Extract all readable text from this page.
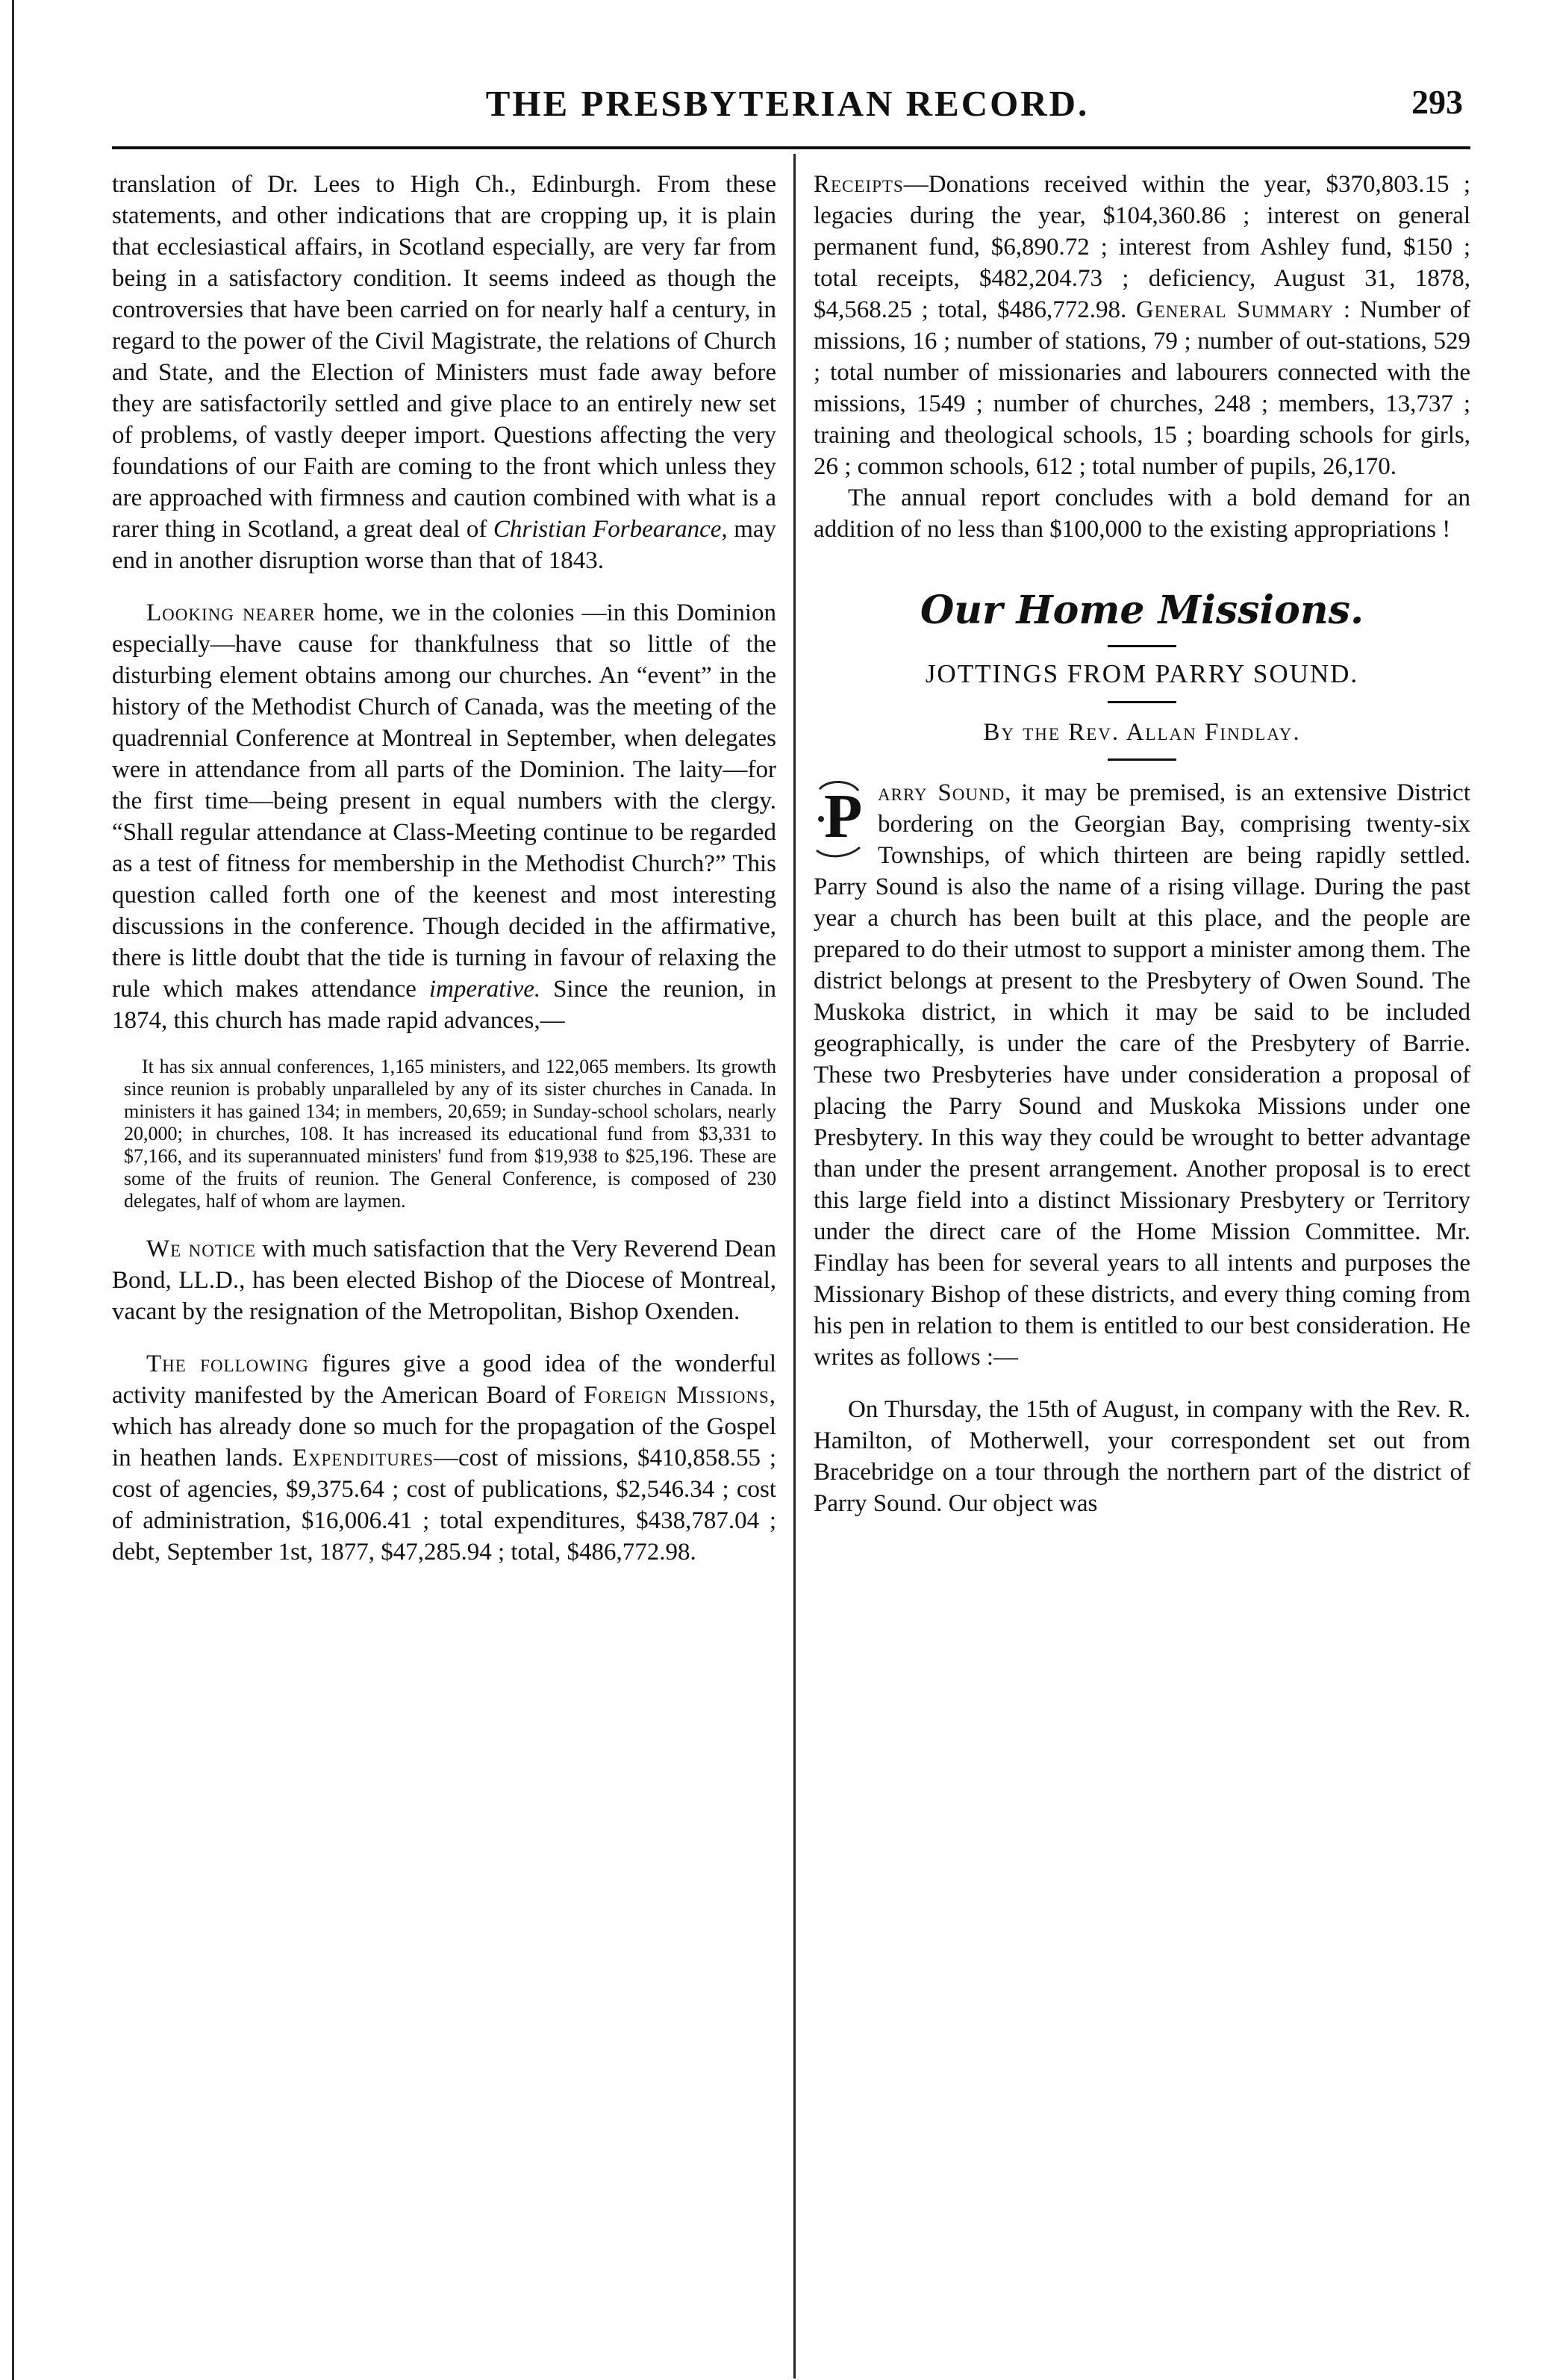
THE PRESBYTERIAN RECORD.	293

translation of Dr. Lees to High Ch., Edinburgh. From these statements, and other indications that are cropping up, it is plain that ecclesiastical affairs, in Scotland especially, are very far from being in a satisfactory condition. It seems indeed as though the controversies that have been carried on for nearly half a century, in regard to the power of the Civil Magistrate, the relations of Church and State, and the Election of Ministers must fade away before they are satisfactorily settled and give place to an entirely new set of problems, of vastly deeper import. Questions affecting the very foundations of our Faith are coming to the front which unless they are approached with firmness and caution combined with what is a rarer thing in Scotland, a great deal of Christian Forbearance, may end in another disruption worse than that of 1843.

Looking nearer home, we in the colonies —in this Dominion especially—have cause for thankfulness that so little of the disturbing element obtains among our churches. An “event” in the history of the Methodist Church of Canada, was the meeting of the quadrennial Conference at Montreal in September, when delegates were in attendance from all parts of the Dominion. The laity—for the first time—being present in equal numbers with the clergy. “Shall regular attendance at Class-Meeting continue to be regarded as a test of fitness for membership in the Methodist Church?” This question called forth one of the keenest and most interesting discussions in the conference. Though decided in the affirmative, there is little doubt that the tide is turning in favour of relaxing the rule which makes attendance imperative. Since the reunion, in 1874, this church has made rapid advances,—

It has six annual conferences, 1,165 ministers, and 122,065 members. Its growth since reunion is probably unparalleled by any of its sister churches in Canada. In ministers it has gained 134; in members, 20,659; in Sunday-school scholars, nearly 20,000; in churches, 108. It has increased its educational fund from $3,331 to $7,166, and its superannuated ministers' fund from $19,938 to $25,196. These are some of the fruits of reunion. The General Conference, is composed of 230 delegates, half of whom are laymen.

We notice with much satisfaction that the Very Reverend Dean Bond, LL.D., has been elected Bishop of the Diocese of Montreal, vacant by the resignation of the Metropolitan, Bishop Oxenden.

The following figures give a good idea of the wonderful activity manifested by the American Board of Foreign Missions, which has already done so much for the propagation of the Gospel in heathen lands. Expenditures—cost of missions, $410,858.55 ; cost of agencies, $9,375.64 ; cost of publications, $2,546.34 ; cost of administration, $16,006.41 ; total expenditures, $438,787.04 ; debt, September 1st, 1877, $47,285.94 ; total, $486,772.98.

Receipts—Donations received within the year, $370,803.15 ; legacies during the year, $104,360.86 ; interest on general permanent fund, $6,890.72 ; interest from Ashley fund, $150 ; total receipts, $482,204.73 ; deficiency, August 31, 1878, $4,568.25 ; total, $486,772.98. General Summary : Number of missions, 16 ; number of stations, 79 ; number of out-stations, 529 ; total number of missionaries and labourers connected with the missions, 1549 ; number of churches, 248 ; members, 13,737 ; training and theological schools, 15 ; boarding schools for girls, 26 ; common schools, 612 ; total number of pupils, 26,170.

The annual report concludes with a bold demand for an addition of no less than $100,000 to the existing appropriations !

Our Home Missions.
JOTTINGS FROM PARRY SOUND.
By the Rev. Allan Findlay.

P arry Sound, it may be premised, is an extensive District bordering on the Georgian Bay, comprising twenty-six Townships, of which thirteen are being rapidly settled. Parry Sound is also the name of a rising village. During the past year a church has been built at this place, and the people are prepared to do their utmost to support a minister among them. The district belongs at present to the Presbytery of Owen Sound. The Muskoka district, in which it may be said to be included geographically, is under the care of the Presbytery of Barrie. These two Presbyteries have under consideration a proposal of placing the Parry Sound and Muskoka Missions under one Presbytery. In this way they could be wrought to better advantage than under the present arrangement. Another proposal is to erect this large field into a distinct Missionary Presbytery or Territory under the direct care of the Home Mission Committee. Mr. Findlay has been for several years to all intents and purposes the Missionary Bishop of these districts, and every thing coming from his pen in relation to them is entitled to our best consideration. He writes as follows :—

On Thursday, the 15th of August, in company with the Rev. R. Hamilton, of Motherwell, your correspondent set out from Bracebridge on a tour through the northern part of the district of Parry Sound. Our object was
